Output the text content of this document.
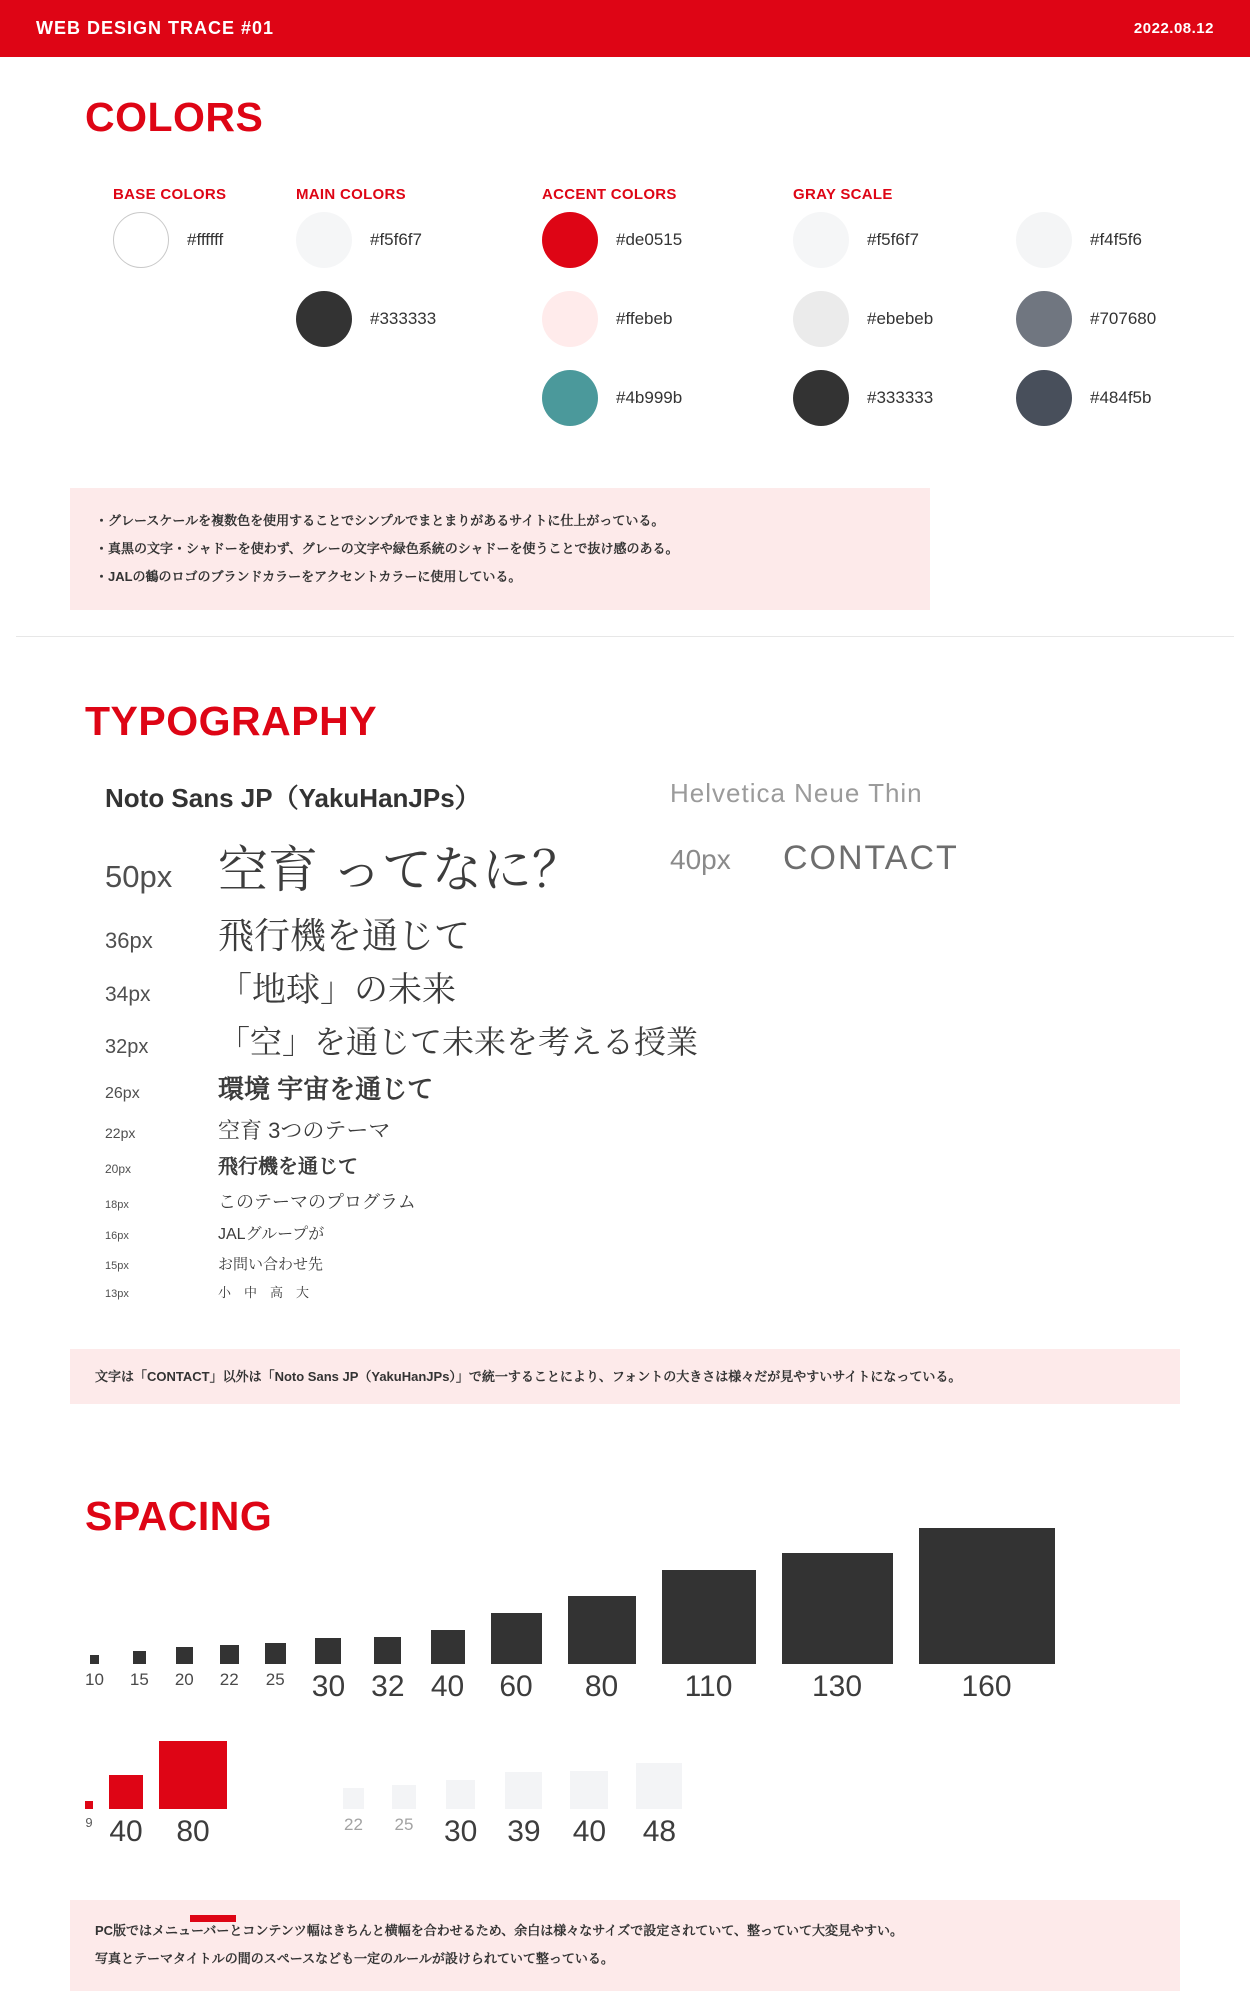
WEB DESIGN TRACE #01	2022.08.12
COLORS
BASE COLORS
#ffffff
MAIN COLORS
#f5f6f7
#333333
ACCENT COLORS
#de0515
#ffebeb
#4b999b
GRAY SCALE
#f5f6f7
#ebebeb
#333333
#f4f5f6
#707680
#484f5b
・グレースケールを複数色を使用することでシンプルでまとまりがあるサイトに仕上がっている。
・真黒の文字・シャドーを使わず、グレーの文字や緑色系統のシャドーを使うことで抜け感のある。
・JALの鶴のロゴのブランドカラーをアクセントカラーに使用している。
TYPOGRAPHY
Noto Sans JP（YakuHanJPs）
50px 空育 ってなに？
36px	飛行機を通じて
34px	「地球」の未来
32px	「空」を通じて未来を考える授業
26px	環境 宇宙を通じて
22px	空育 3つのテーマ
20px	飛行機を通じて
18px	このテーマのプログラム
16px	JALグループが
15px	お問い合わせ先
13px	小　中　高　大
Helvetica Neue Thin
40px	CONTACT
文字は「CONTACT」以外は「Noto Sans JP（YakuHanJPs）」で統一することにより、フォントの大きさは様々だが見やすいサイトになっている。
SPACING
10 15 20 22 25 30 32 40 60 80 110	130	160
9 40 80	22 25 30 39 40 48
PC版ではメニューバーとコンテンツ幅はきちんと横幅を合わせるため、余白は様々なサイズで設定されていて、整っていて大変見やすい。
写真とテーマタイトルの間のスペースなども一定のルールが設けられていて整っている。
